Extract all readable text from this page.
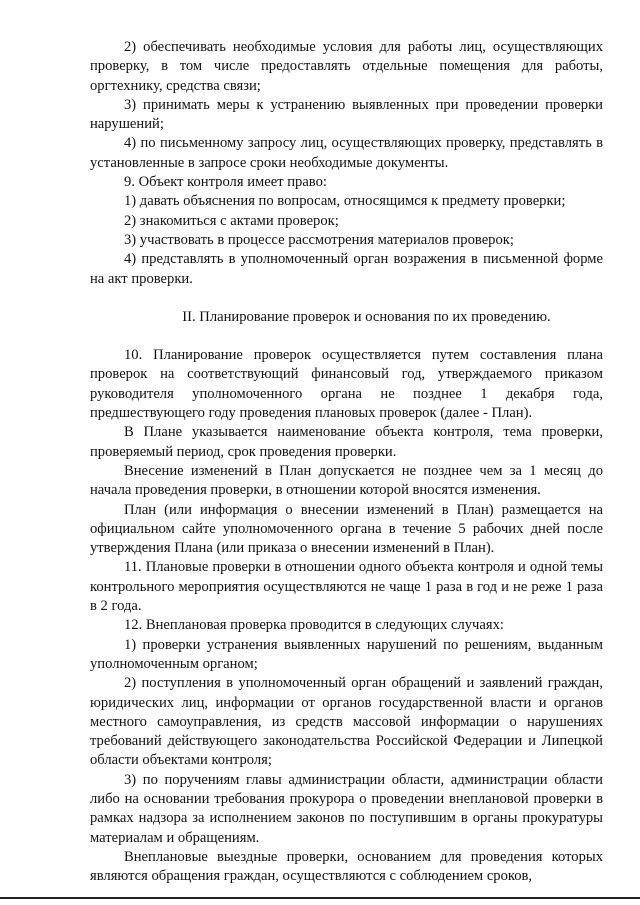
2) обеспечивать необходимые условия для работы лиц, осуществляющих проверку, в том числе предоставлять отдельные помещения для работы, оргтехнику, средства связи;

3) принимать меры к устранению выявленных при проведении проверки нарушений;

4) по письменному запросу лиц, осуществляющих проверку, представлять в установленные в запросе сроки необходимые документы.

9. Объект контроля имеет право:

1) давать объяснения по вопросам, относящимся к предмету проверки;

2) знакомиться с актами проверок;

3) участвовать в процессе рассмотрения материалов проверок;

4) представлять в уполномоченный орган возражения в письменной форме на акт проверки.

II. Планирование проверок и основания по их проведению.

10. Планирование проверок осуществляется путем составления плана проверок на соответствующий финансовый год, утверждаемого приказом руководителя уполномоченного органа не позднее 1 декабря года, предшествующего году проведения плановых проверок (далее - План).

В Плане указывается наименование объекта контроля, тема проверки, проверяемый период, срок проведения проверки.

Внесение изменений в План допускается не позднее чем за 1 месяц до начала проведения проверки, в отношении которой вносятся изменения.

План (или информация о внесении изменений в План) размещается на официальном сайте уполномоченного органа в течение 5 рабочих дней после утверждения Плана (или приказа о внесении изменений в План).

11. Плановые проверки в отношении одного объекта контроля и одной темы контрольного мероприятия осуществляются не чаще 1 раза в год и не реже 1 раза в 2 года.

12. Внеплановая проверка проводится в следующих случаях:

1) проверки устранения выявленных нарушений по решениям, выданным уполномоченным органом;

2) поступления в уполномоченный орган обращений и заявлений граждан, юридических лиц, информации от органов государственной власти и органов местного самоуправления, из средств массовой информации о нарушениях требований действующего законодательства Российской Федерации и Липецкой области объектами контроля;

3) по поручениям главы администрации области, администрации области либо на основании требования прокурора о проведении внеплановой проверки в рамках надзора за исполнением законов по поступившим в органы прокуратуры материалам и обращениям.

Внеплановые выездные проверки, основанием для проведения которых являются обращения граждан, осуществляются с соблюдением сроков,
